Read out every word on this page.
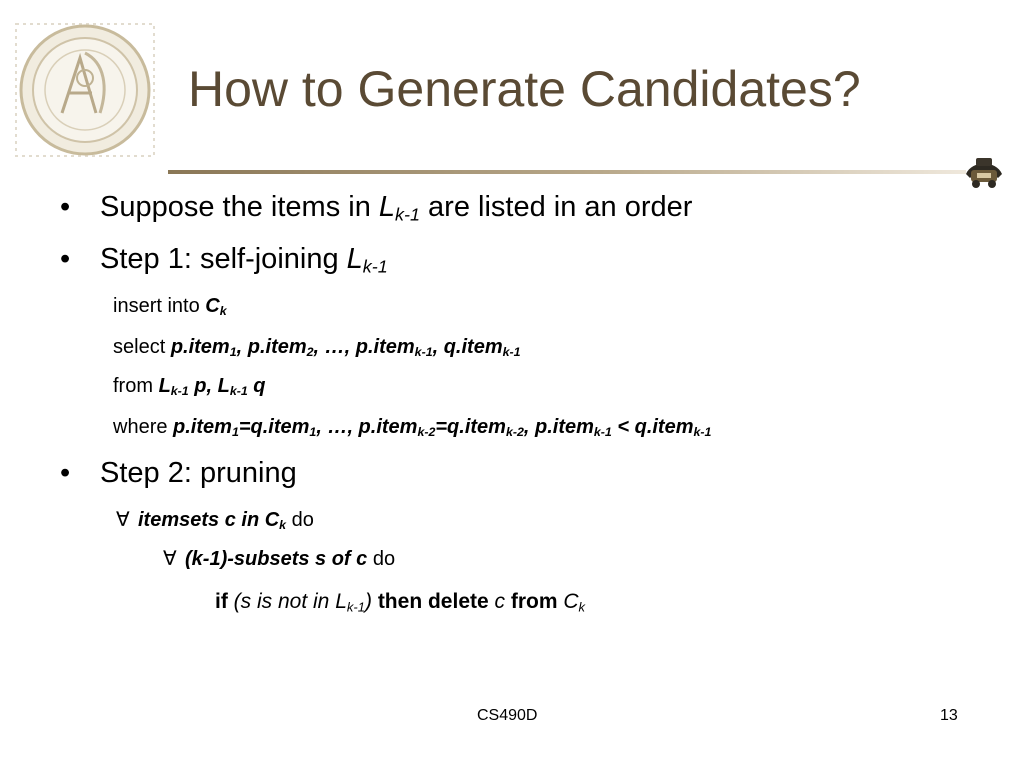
How to Generate Candidates?
• Suppose the items in $L_{k-1}$ are listed in an order
• Step 1: self-joining $L_{k-1}$
insert into $C_k$
select p.item$_1$, p.item$_2$, …, p.item$_{k-1}$, q.item$_{k-1}$
from $L_{k-1}$ p, $L_{k-1}$ q
where p.item$_1$=q.item$_1$, …, p.item$_{k-2}$=q.item$_{k-2}$, p.item$_{k-1}$ < q.item$_{k-1}$
• Step 2: pruning
∀ itemsets c in $C_k$ do
∀ (k-1)-subsets s of c do
if (s is not in $L_{k-1}$) then delete c from $C_k$
CS490D	13
